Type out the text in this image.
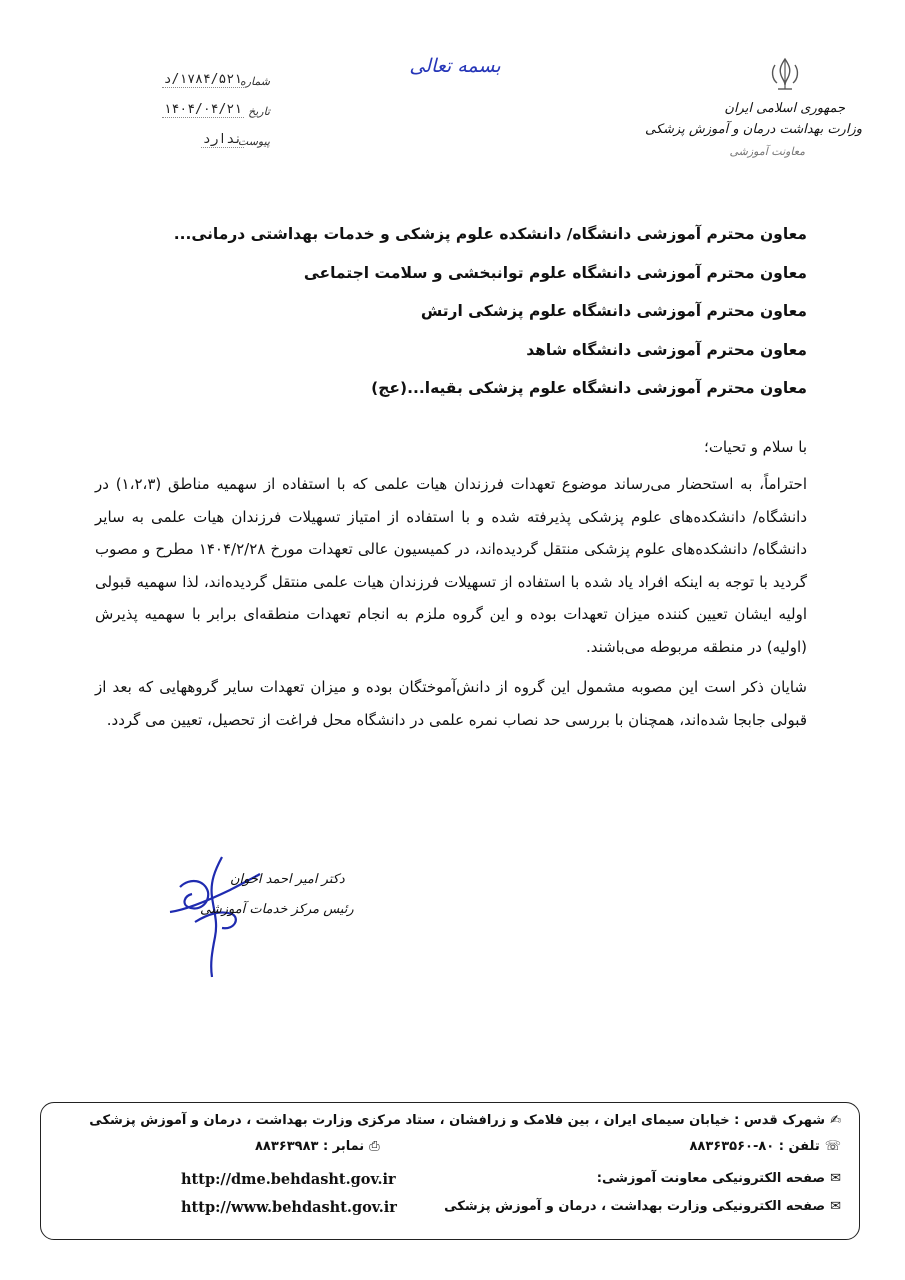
جمهوری اسلامی ایران
وزارت بهداشت درمان و آموزش پزشکی
معاونت آموزشی
بسمه تعالی
شماره
۱۷۸۴/۵۲۱/د
تاریخ
۱۴۰۴/۰۴/۲۱
پیوست
ندارد
معاون محترم آموزشی دانشگاه/ دانشکده علوم پزشکی و خدمات بهداشتی درمانی...
معاون محترم آموزشی دانشگاه علوم توانبخشی و سلامت اجتماعی
معاون محترم آموزشی دانشگاه علوم پزشکی ارتش
معاون محترم آموزشی دانشگاه شاهد
معاون محترم آموزشی دانشگاه علوم پزشکی بقیه‌ا...(عج)

با سلام و تحیات؛

احتراماً، به استحضار می‌رساند موضوع تعهدات فرزندان هیات علمی که با استفاده از سهمیه مناطق (۱،۲،۳) در دانشگاه/ دانشکده‌های علوم پزشکی پذیرفته شده و با استفاده از امتیاز تسهیلات فرزندان هیات علمی به سایر دانشگاه/ دانشکده‌های علوم پزشکی منتقل گردیده‌اند، در کمیسیون عالی تعهدات مورخ ۱۴۰۴/۲/۲۸ مطرح و مصوب گردید با توجه به اینکه افراد یاد شده با استفاده از تسهیلات فرزندان هیات علمی منتقل گردیده‌اند، لذا سهمیه قبولی اولیه ایشان تعیین کننده میزان تعهدات بوده و این گروه ملزم به انجام تعهدات منطقه‌ای برابر با سهمیه پذیرش (اولیه) در منطقه مربوطه می‌باشند.

شایان ذکر است این مصوبه مشمول این گروه از دانش‌آموختگان بوده و میزان تعهدات سایر گروههایی که بعد از قبولی جابجا شده‌اند، همچنان با بررسی حد نصاب نمره علمی در دانشگاه محل فراغت از تحصیل، تعیین می گردد.

دکتر امیر احمد اخوان
رئیس مرکز خدمات آموزشی
✍شهرک قدس : خیابان سیمای ایران ، بین فلامک و زرافشان ، ستاد مرکزی وزارت بهداشت ، درمان و آموزش پزشکی
☏تلفن : ۸۰-۸۸۳۶۳۵۶۰
⎙نمابر : ۸۸۳۶۳۹۸۳
✉صفحه الکترونیکی معاونت آموزشی:
http://dme.behdasht.gov.ir
✉صفحه الکترونیکی وزارت بهداشت ، درمان و آموزش پزشکی
http://www.behdasht.gov.ir
